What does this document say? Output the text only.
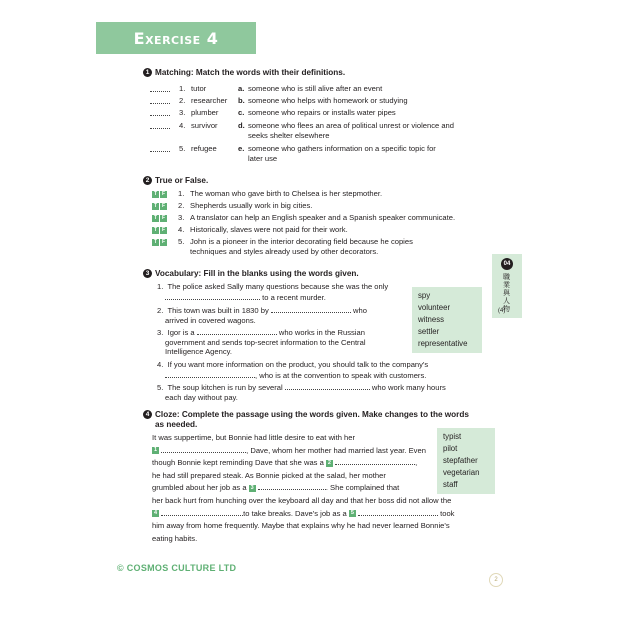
Exercise 4
1 Matching: Match the words with their definitions.
1. tutor	a. someone who is still alive after an event

2. researcher b. someone who helps with homework or studying

3. plumber	c. someone who repairs or installs water pipes

4. survivor	d. someone who flees an area of political unrest or violence and
seeks shelter elsewhere
5. refugee	e. someone who gathers information on a specific topic for
later use
2 True or False.
T F 1. The woman who gave birth to Chelsea is her stepmother.

T F 2. Shepherds usually work in big cities.

T F 3. A translator can help an English speaker and a Spanish speaker communicate.

T F 4. Historically, slaves were not paid for their work.

T F 5. John is a pioneer in the interior decorating field because he copies
techniques and styles already used by other decorators.
3 Vocabulary: Fill in the blanks using the words given.
1. The police asked Sally many questions because she was the only
to a recent murder.
2. This town was built in 1830 by	who
arrived in covered wagons.
3. Igor is a	who works in the Russian
government and sends top-secret information to the Central
Intelligence Agency.
4. If you want more information on the product, you should talk to the company's
, who is at the convention to speak with customers.
5. The soup kitchen is run by several	who work many hours
each day without pay.
spy
volunteer
witness
settler
representative
04
職業與人物
(4)
4 Cloze: Complete the passage using the words given. Make changes to the words as needed.
It was suppertime, but Bonnie had little desire to eat with her
1	, Dave, whom her mother had married last year. Even
though Bonnie kept reminding Dave that she was a 2	,
he had still prepared steak. As Bonnie picked at the salad, her mother
grumbled about her job as a 3	. She complained that
her back hurt from hunching over the keyboard all day and that her boss did not allow the
4	to take breaks. Dave's job as a 5	took
him away from home frequently. Maybe that explains why he had never learned Bonnie's
eating habits.
typist
pilot
stepfather
vegetarian
staff
© COSMOS CULTURE LTD
2
